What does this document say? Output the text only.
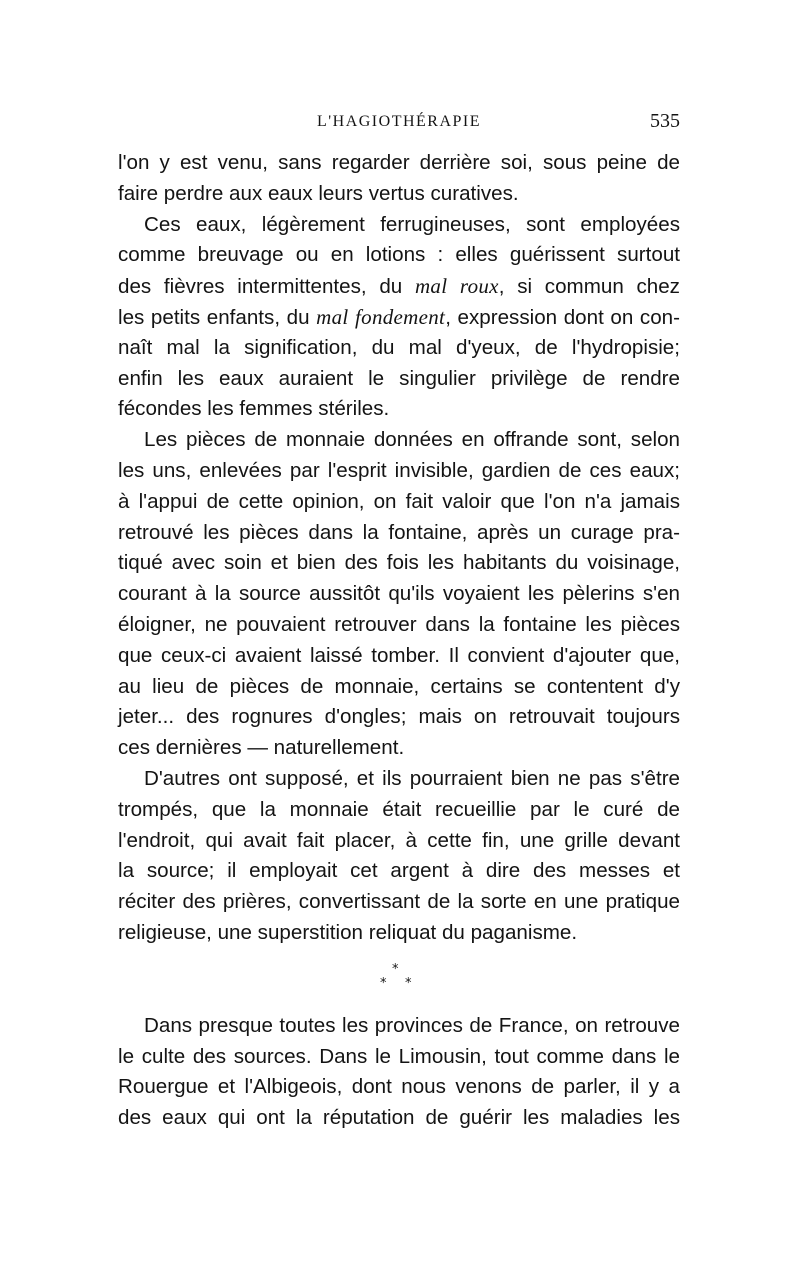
L'HAGIOTHÉRAPIE	535
l'on y est venu, sans regarder derrière soi, sous peine de
faire perdre aux eaux leurs vertus curatives.
Ces eaux, légèrement ferrugineuses, sont employées
comme breuvage ou en lotions : elles guérissent surtout
des fièvres intermittentes, du mal roux, si commun chez
les petits enfants, du mal fondement, expression dont on con-
naît mal la signification, du mal d'yeux, de l'hydropisie;
enfin les eaux auraient le singulier privilège de rendre
fécondes les femmes stériles.
Les pièces de monnaie données en offrande sont, selon
les uns, enlevées par l'esprit invisible, gardien de ces eaux;
à l'appui de cette opinion, on fait valoir que l'on n'a jamais
retrouvé les pièces dans la fontaine, après un curage pra-
tiqué avec soin et bien des fois les habitants du voisinage,
courant à la source aussitôt qu'ils voyaient les pèlerins s'en
éloigner, ne pouvaient retrouver dans la fontaine les pièces
que ceux-ci avaient laissé tomber. Il convient d'ajouter que,
au lieu de pièces de monnaie, certains se contentent d'y
jeter... des rognures d'ongles; mais on retrouvait toujours
ces dernières — naturellement.
D'autres ont supposé, et ils pourraient bien ne pas s'être
trompés, que la monnaie était recueillie par le curé de
l'endroit, qui avait fait placer, à cette fin, une grille devant
la source; il employait cet argent à dire des messes et
réciter des prières, convertissant de la sorte en une pratique
religieuse, une superstition reliquat du paganisme.
*
* *
Dans presque toutes les provinces de France, on retrouve
le culte des sources. Dans le Limousin, tout comme dans le
Rouergue et l'Albigeois, dont nous venons de parler, il y a
des eaux qui ont la réputation de guérir les maladies les
